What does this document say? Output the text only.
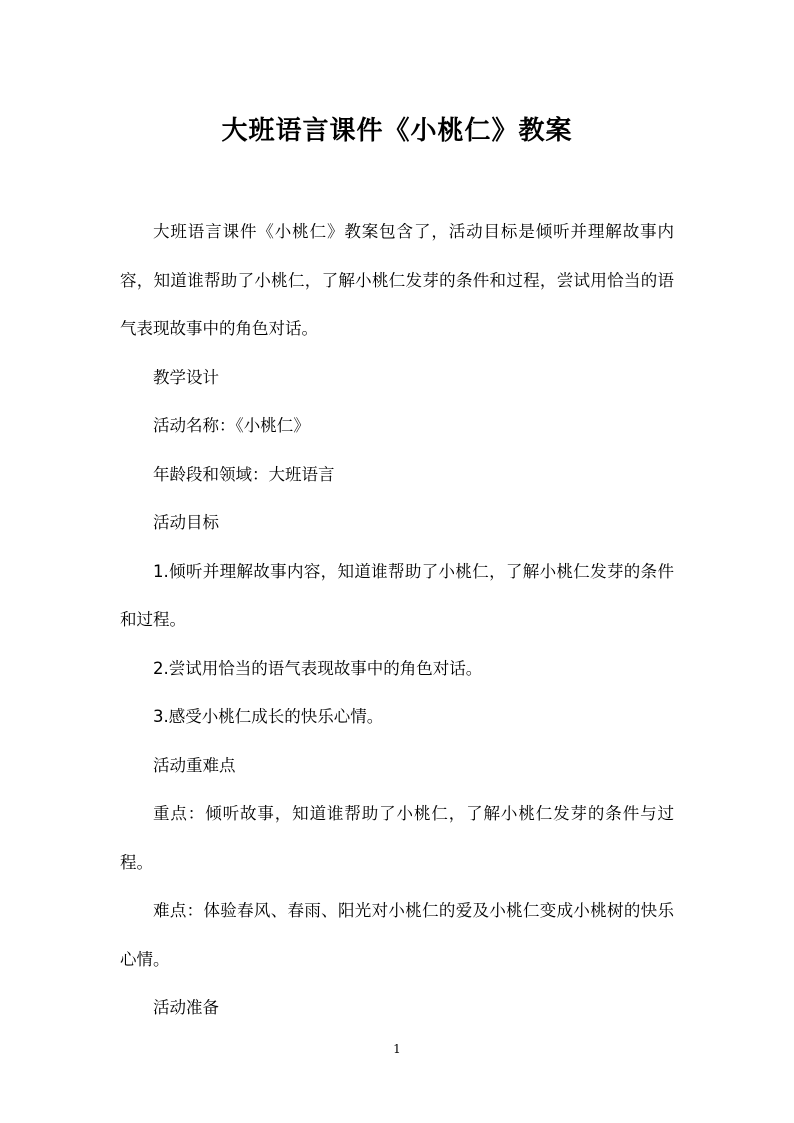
大班语言课件《小桃仁》教案

大班语言课件《小桃仁》教案包含了，活动目标是倾听并理解故事内容，知道谁帮助了小桃仁，了解小桃仁发芽的条件和过程，尝试用恰当的语气表现故事中的角色对话。

教学设计

活动名称：《小桃仁》

年龄段和领域：大班语言

活动目标

1.倾听并理解故事内容，知道谁帮助了小桃仁，了解小桃仁发芽的条件和过程。

2.尝试用恰当的语气表现故事中的角色对话。

3.感受小桃仁成长的快乐心情。

活动重难点

重点：倾听故事，知道谁帮助了小桃仁，了解小桃仁发芽的条件与过程。

难点：体验春风、春雨、阳光对小桃仁的爱及小桃仁变成小桃树的快乐心情。

活动准备

1
